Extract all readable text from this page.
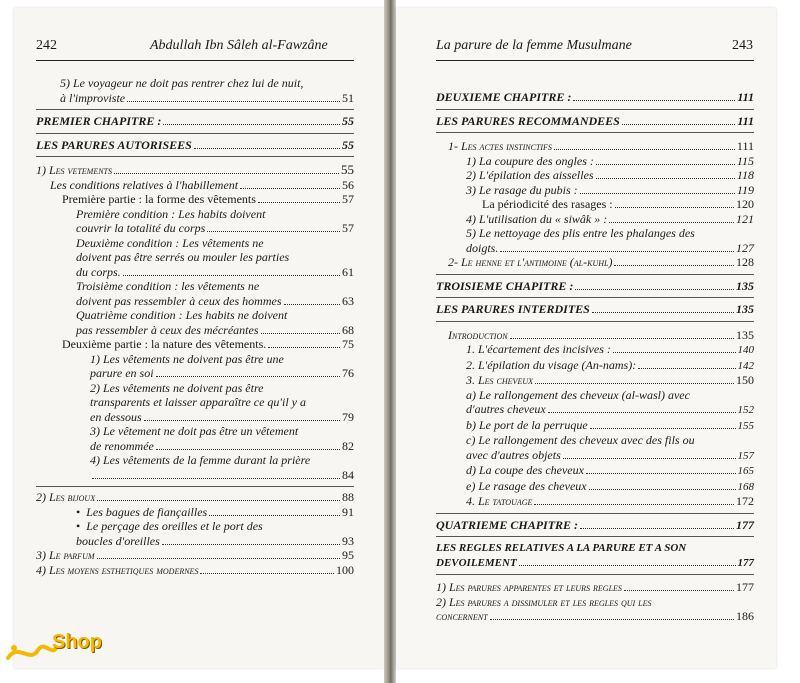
242	Abdullah Ibn Sâleh al-Fawzâne	La parure de la femme Musulmane	243
5) Le voyageur ne doit pas rentrer chez lui de nuit,
à l'improviste	51
PREMIER CHAPITRE :	55
LES PARURES AUTORISEES	55
1) Les vetements	55
Les conditions relatives à l'habillement	56
Première partie : la forme des vêtements	57
Première condition : Les habits doivent
couvrir la totalité du corps	57
Deuxième condition : Les vêtements ne
doivent pas être serrés ou mouler les parties
du corps.	61
Troisième condition : les vêtements ne
doivent pas ressembler à ceux des hommes	63
Quatrième condition : Les habits ne doivent
pas ressembler à ceux des mécréantes	68
Deuxième partie : la nature des vêtements.	75
1) Les vêtements ne doivent pas être une
parure en soi	76
2) Les vêtements ne doivent pas être
transparents et laisser apparaître ce qu'il y a
en dessous	79
3) Le vêtement ne doit pas être un vêtement
de renommée	82
4) Les vêtements de la femme durant la prière
84
2) Les bijoux	88
• Les bagues de fiançailles	91
• Le perçage des oreilles et le port des
boucles d'oreilles	93
3) Le parfum	95
4) Les moyens esthetiques modernes	100
DEUXIEME CHAPITRE :	111
LES PARURES RECOMMANDEES	111
1- Les actes instinctifs	111
1) La coupure des ongles :	115
2) L'épilation des aisselles	118
3) Le rasage du pubis :	119
La périodicité des rasages :	120
4) L'utilisation du « siwâk » :	121
5) Le nettoyage des plis entre les phalanges des
doigts.	127
2- Le henne et l'antimoine (al-kuhl)	128
TROISIEME CHAPITRE :	135
LES PARURES INTERDITES	135
Introduction	135
1. L'écartement des incisives :	140
2. L'épilation du visage (An-nams):	142
3. Les cheveux	150
a) Le rallongement des cheveux (al-wasl) avec
d'autres cheveux	152
b) Le port de la perruque	155
c) Le rallongement des cheveux avec des fils ou
avec d'autres objets	157
d) La coupe des cheveux	165
e) Le rasage des cheveux	168
4. Le tatouage	172
QUATRIEME CHAPITRE :	177
LES REGLES RELATIVES A LA PARURE ET A SON
DEVOILEMENT	177
1) Les parures apparentes et leurs regles	177
2) Les parures a dissimuler et les regles qui les
concernent	186
Shop
